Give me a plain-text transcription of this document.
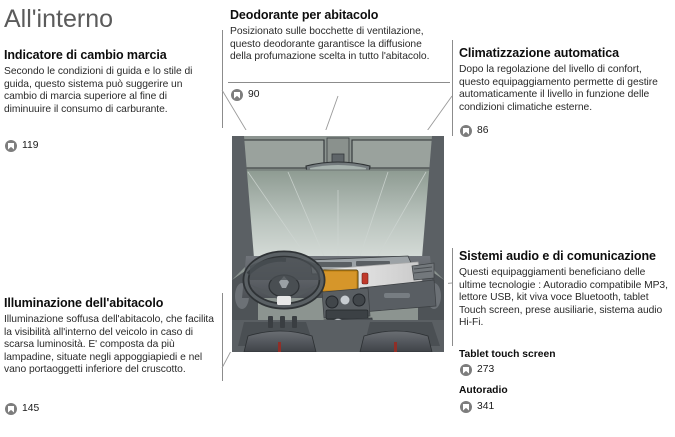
All'interno
Indicatore di cambio marcia

Secondo le condizioni di guida e lo stile di guida, questo sistema può suggerire un cambio di marcia superiore al fine di diminuuire il consumo di carburante.

119
Deodorante per abitacolo

Posizionato sulle bocchette di ventilazione, questo deodorante garantisce la diffusione della profumazione scelta in tutto l'abitacolo.

90
Climatizzazione automatica

Dopo la regolazione del livello di confort, questo equipaggiamento permette di gestire automaticamente il livello in funzione delle condizioni climatiche esterne.

86
Illuminazione dell'abitacolo

Illuminazione soffusa dell'abitacolo, che facilita la visibilità all'interno del veicolo in caso di scarsa luminosità. E' composta da più lampadine, situate negli appoggiapiedi e nel vano portaoggetti inferiore del cruscotto.

145
Sistemi audio e di comunicazione

Questi equipaggiamenti beneficiano delle ultime tecnologie : Autoradio compatibile MP3, lettore USB, kit viva voce Bluetooth, tablet Touch screen, prese ausiliarie, sistema audio Hi-Fi.

Tablet touch screen
273
Autoradio
341
